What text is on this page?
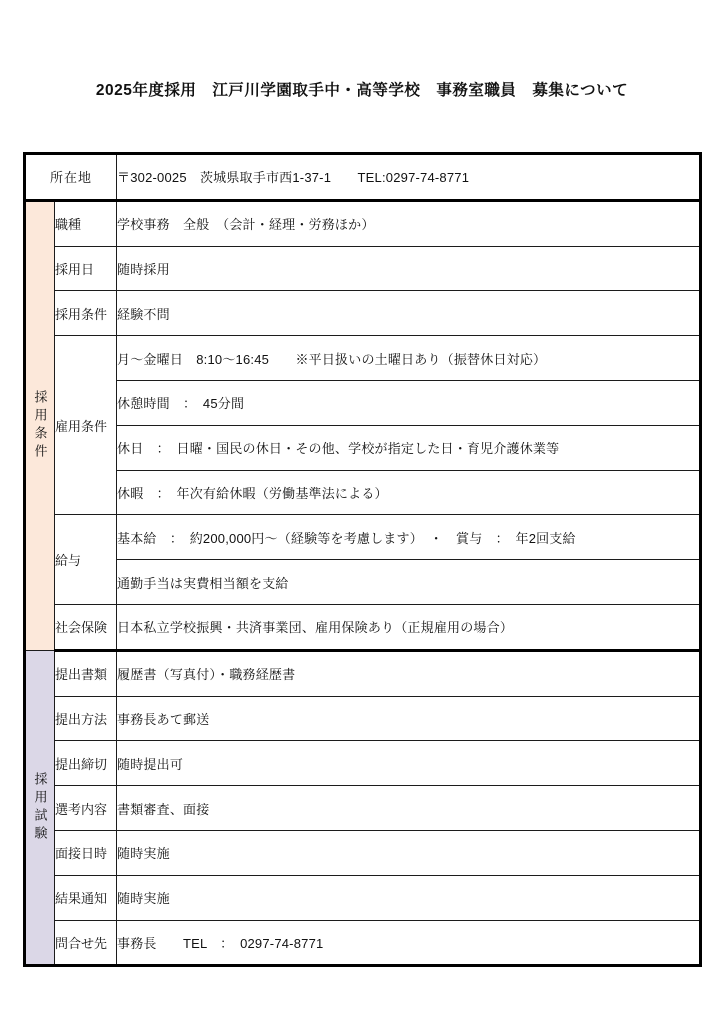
2025年度採用　江戸川学園取手中・高等学校　事務室職員　募集について
所在地		〒302-0025　茨城県取手市西1-37-1　　TEL:0297-74-8771
採用条件	職種	学校事務　全般　（会計・経理・労務ほか）
	採用日	随時採用
	採用条件	経験不問
	雇用条件	月～金曜日　8:10～16:45　　※平日扱いの土曜日あり（振替休日対応）
		休憩時間　：　45分間
		休日　：　日曜・国民の休日・その他、学校が指定した日・育児介護休業等
		休暇　：　年次有給休暇（労働基準法による）
	給与	基本給　：　約200,000円～（経験等を考慮します）　・　賞与　：　年2回支給
		通勤手当は実費相当額を支給
	社会保険	日本私立学校振興・共済事業団、雇用保険あり（正規雇用の場合）
採用試験	提出書類	履歴書（写真付）・職務経歴書
	提出方法	事務長あて郵送
	提出締切	随時提出可
	選考内容	書類審査、面接
	面接日時	随時実施
	結果通知	随時実施
	問合せ先	事務長　　TEL　：　0297-74-8771
